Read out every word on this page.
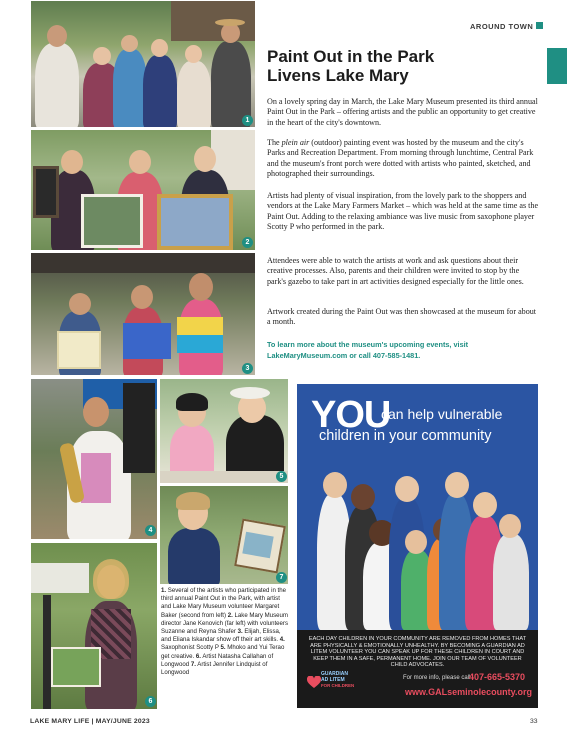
AROUND TOWN
1
2
3
4
5
7
6
Paint Out in the Park
Livens Lake Mary

On a lovely spring day in March, the Lake Mary Museum presented its third annual Paint Out in the Park – offering artists and the public an opportunity to get creative in the heart of the city's downtown.

The plein air (outdoor) painting event was hosted by the museum and the city's Parks and Recreation Department. From morning through lunchtime, Central Park and the museum's front porch were dotted with artists who painted, sketched, and photographed their surroundings.

Artists had plenty of visual inspiration, from the lovely park to the shoppers and vendors at the Lake Mary Farmers Market – which was held at the same time as the Paint Out. Adding to the relaxing ambiance was live music from saxophone player Scotty P who performed in the park.

Attendees were able to watch the artists at work and ask questions about their creative processes. Also, parents and their children were invited to stop by the park's gazebo to take part in art activities designed especially for the little ones.

Artwork created during the Paint Out was then showcased at the museum for about a month.

To learn more about the museum's upcoming events, visit LakeMaryMuseum.com or call 407-585-1481.

YOU
can help vulnerable
children in your community

EACH DAY CHILDREN IN YOUR COMMUNITY ARE REMOVED FROM HOMES THAT ARE PHYSICALLY & EMOTIONALLY UNHEALTHY. BY BECOMING A GUARDIAN AD LITEM VOLUNTEER YOU CAN SPEAK UP FOR THESE CHILDREN IN COURT AND KEEP THEM IN A SAFE, PERMANENT HOME. JOIN OUR TEAM OF VOLUNTEER CHILD ADVOCATES.

GUARDIAN
AD LITEM
FOR CHILDREN
For more info, please call
407-665-5370
www.GALseminolecounty.org

1. Several of the artists who participated in the third annual Paint Out in the Park, with artist and Lake Mary Museum volunteer Margaret Baker (second from left) 2. Lake Mary Museum director Jane Kenovich (far left) with volunteers Suzanne and Reyna Shafer 3. Elijah, Elissa, and Eliana Iskandar show off their art skills. 4. Saxophonist Scotty P 5. Mhoko and Yui Terao get creative. 6. Artist Natasha Callahan of Longwood 7. Artist Jennifer Lindquist of Longwood

LAKE MARY LIFE | MAY/JUNE 2023	33
